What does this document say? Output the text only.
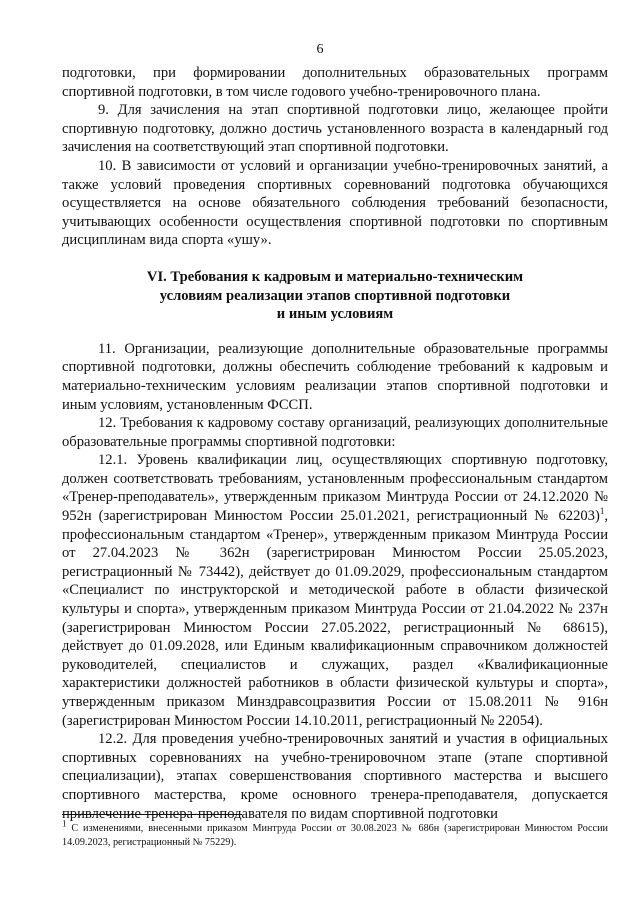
6

подготовки, при формировании дополнительных образовательных программ спортивной подготовки, в том числе годового учебно-тренировочного плана.

9. Для зачисления на этап спортивной подготовки лицо, желающее пройти спортивную подготовку, должно достичь установленного возраста в календарный год зачисления на соответствующий этап спортивной подготовки.

10. В зависимости от условий и организации учебно-тренировочных занятий, а также условий проведения спортивных соревнований подготовка обучающихся осуществляется на основе обязательного соблюдения требований безопасности, учитывающих особенности осуществления спортивной подготовки по спортивным дисциплинам вида спорта «ушу».

VI. Требования к кадровым и материально-техническим
условиям реализации этапов спортивной подготовки
и иным условиям

11. Организации, реализующие дополнительные образовательные программы спортивной подготовки, должны обеспечить соблюдение требований к кадровым и материально-техническим условиям реализации этапов спортивной подготовки и иным условиям, установленным ФССП.

12. Требования к кадровому составу организаций, реализующих дополнительные образовательные программы спортивной подготовки:

12.1. Уровень квалификации лиц, осуществляющих спортивную подготовку, должен соответствовать требованиям, установленным профессиональным стандартом «Тренер-преподаватель», утвержденным приказом Минтруда России от 24.12.2020 № 952н (зарегистрирован Минюстом России 25.01.2021, регистрационный № 62203)$^1$, профессиональным стандартом «Тренер», утвержденным приказом Минтруда России от 27.04.2023 № 362н (зарегистрирован Минюстом России 25.05.2023, регистрационный № 73442), действует до 01.09.2029, профессиональным стандартом «Специалист по инструкторской и методической работе в области физической культуры и спорта», утвержденным приказом Минтруда России от 21.04.2022 № 237н (зарегистрирован Минюстом России 27.05.2022, регистрационный № 68615), действует до 01.09.2028, или Единым квалификационным справочником должностей руководителей, специалистов и служащих, раздел «Квалификационные характеристики должностей работников в области физической культуры и спорта», утвержденным приказом Минздравсоцразвития России от 15.08.2011 № 916н (зарегистрирован Минюстом России 14.10.2011, регистрационный № 22054).

12.2. Для проведения учебно-тренировочных занятий и участия в официальных спортивных соревнованиях на учебно-тренировочном этапе (этапе спортивной специализации), этапах совершенствования спортивного мастерства и высшего спортивного мастерства, кроме основного тренера-преподавателя, допускается привлечение тренера-преподавателя по видам спортивной подготовки

$^1$ С изменениями, внесенными приказом Минтруда России от 30.08.2023 № 686н (зарегистрирован Минюстом России 14.09.2023, регистрационный № 75229).
